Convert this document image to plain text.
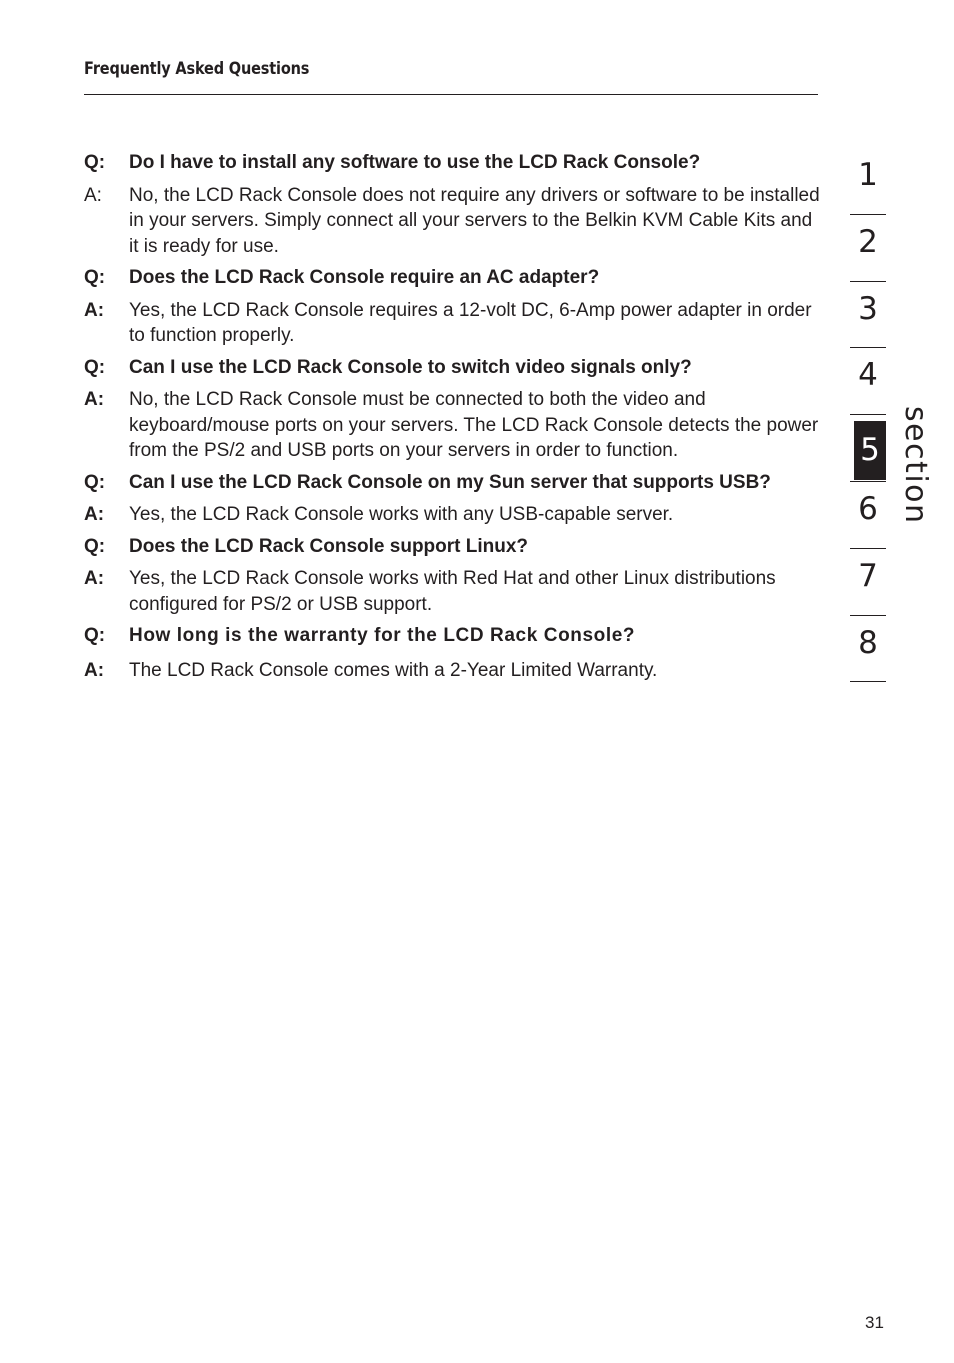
Frequently Asked Questions
Q:	Do I have to install any software to use the LCD Rack Console?
A:	No, the LCD Rack Console does not require any drivers or software to be installed in your servers. Simply connect all your servers to the Belkin KVM Cable Kits and it is ready for use.
Q:	Does the LCD Rack Console require an AC adapter?
A:	Yes, the LCD Rack Console requires a 12-volt DC, 6-Amp power adapter in order to function properly.
Q:	Can I use the LCD Rack Console to switch video signals only?
A:	No, the LCD Rack Console must be connected to both the video and keyboard/mouse ports on your servers. The LCD Rack Console detects the power from the PS/2 and USB ports on your servers in order to function.
Q:	Can I use the LCD Rack Console on my Sun server that supports USB?
A:	Yes, the LCD Rack Console works with any USB-capable server.
Q:	Does the LCD Rack Console support Linux?
A:	Yes, the LCD Rack Console works with Red Hat and other Linux distributions configured for PS/2 or USB support.
Q:	How long is the warranty for the LCD Rack Console?
A:	The LCD Rack Console comes with a 2-Year Limited Warranty.
1
2
3
4
5
6
7
8
section
31
